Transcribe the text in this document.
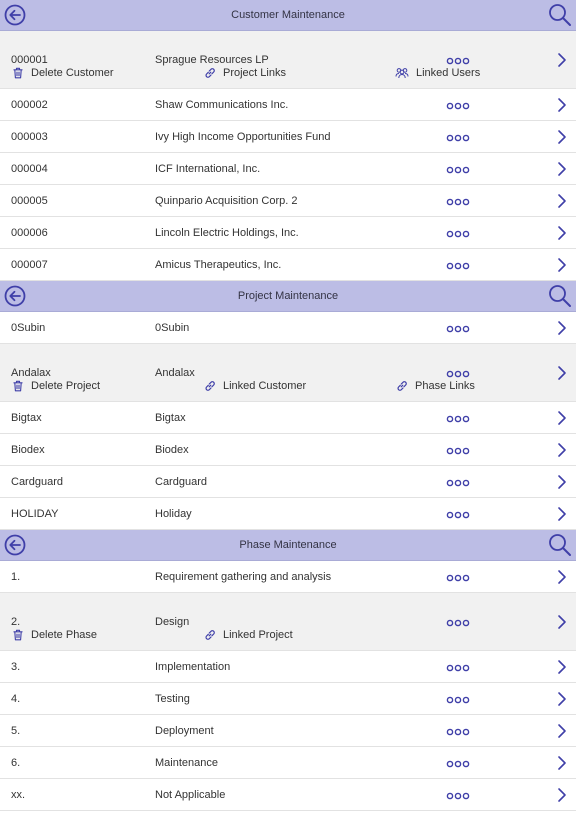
Customer Maintenance
000001	Sprague Resources LP
Delete Customer	Project Links	Linked Users
000002	Shaw Communications Inc.
000003	Ivy High Income Opportunities Fund
000004	ICF International, Inc.
000005	Quinpario Acquisition Corp. 2
000006	Lincoln Electric Holdings, Inc.
000007	Amicus Therapeutics, Inc.
Project Maintenance
0Subin	0Subin
Andalax	Andalax
Delete Project	Linked Customer	Phase Links
Bigtax	Bigtax
Biodex	Biodex
Cardguard	Cardguard
HOLIDAY	Holiday
Phase Maintenance
1.	Requirement gathering and analysis
2.	Design
Delete Phase	Linked Project
3.	Implementation
4.	Testing
5.	Deployment
6.	Maintenance
xx.	Not Applicable
